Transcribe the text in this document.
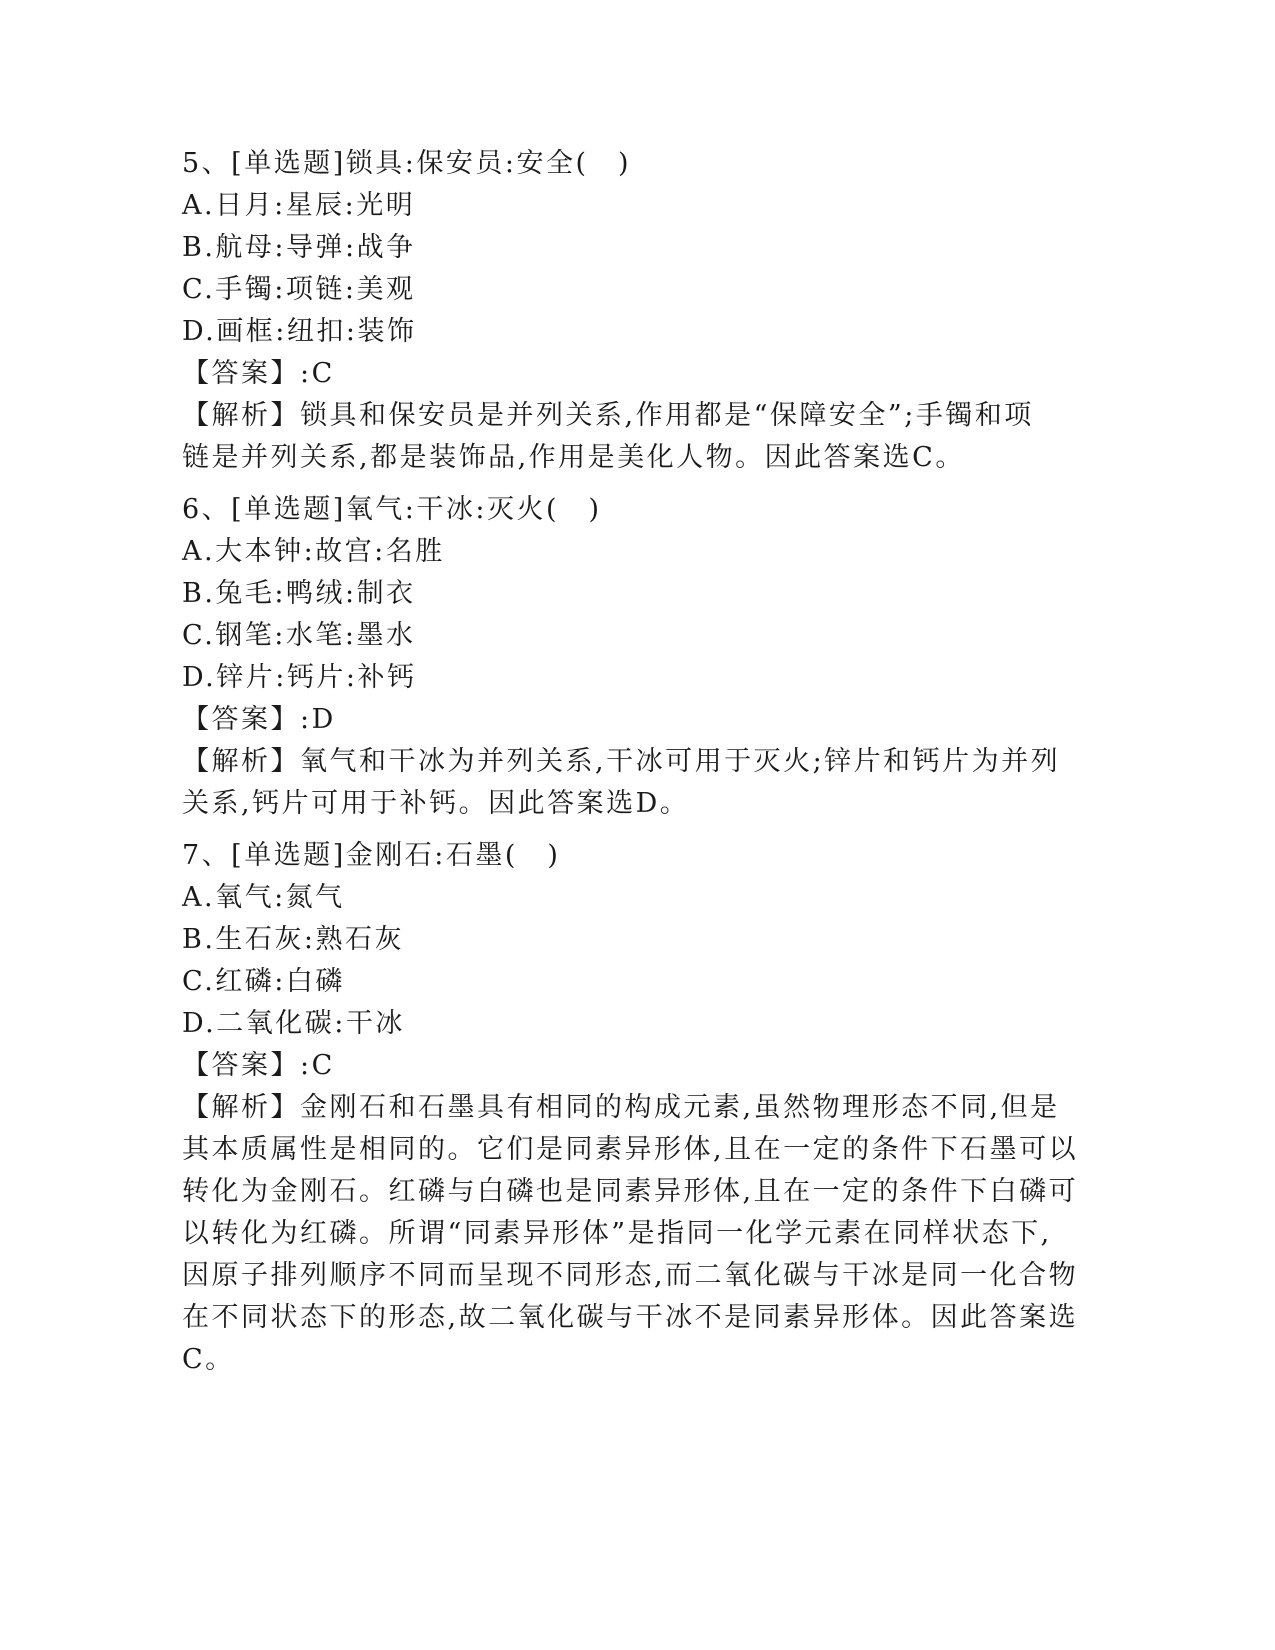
5、[单选题]锁具:保安员:安全(　)
A.日月:星辰:光明
B.航母:导弹:战争
C.手镯:项链:美观
D.画框:纽扣:装饰
【答案】:C
【解析】锁具和保安员是并列关系,作用都是“保障安全”;手镯和项
链是并列关系,都是装饰品,作用是美化人物。因此答案选C。
6、[单选题]氧气:干冰:灭火(　)
A.大本钟:故宫:名胜
B.兔毛:鸭绒:制衣
C.钢笔:水笔:墨水
D.锌片:钙片:补钙
【答案】:D
【解析】氧气和干冰为并列关系,干冰可用于灭火;锌片和钙片为并列
关系,钙片可用于补钙。因此答案选D。
7、[单选题]金刚石:石墨(　)
A.氧气:氮气
B.生石灰:熟石灰
C.红磷:白磷
D.二氧化碳:干冰
【答案】:C
【解析】金刚石和石墨具有相同的构成元素,虽然物理形态不同,但是
其本质属性是相同的。它们是同素异形体,且在一定的条件下石墨可以
转化为金刚石。红磷与白磷也是同素异形体,且在一定的条件下白磷可
以转化为红磷。所谓“同素异形体”是指同一化学元素在同样状态下,
因原子排列顺序不同而呈现不同形态,而二氧化碳与干冰是同一化合物
在不同状态下的形态,故二氧化碳与干冰不是同素异形体。因此答案选
C。
